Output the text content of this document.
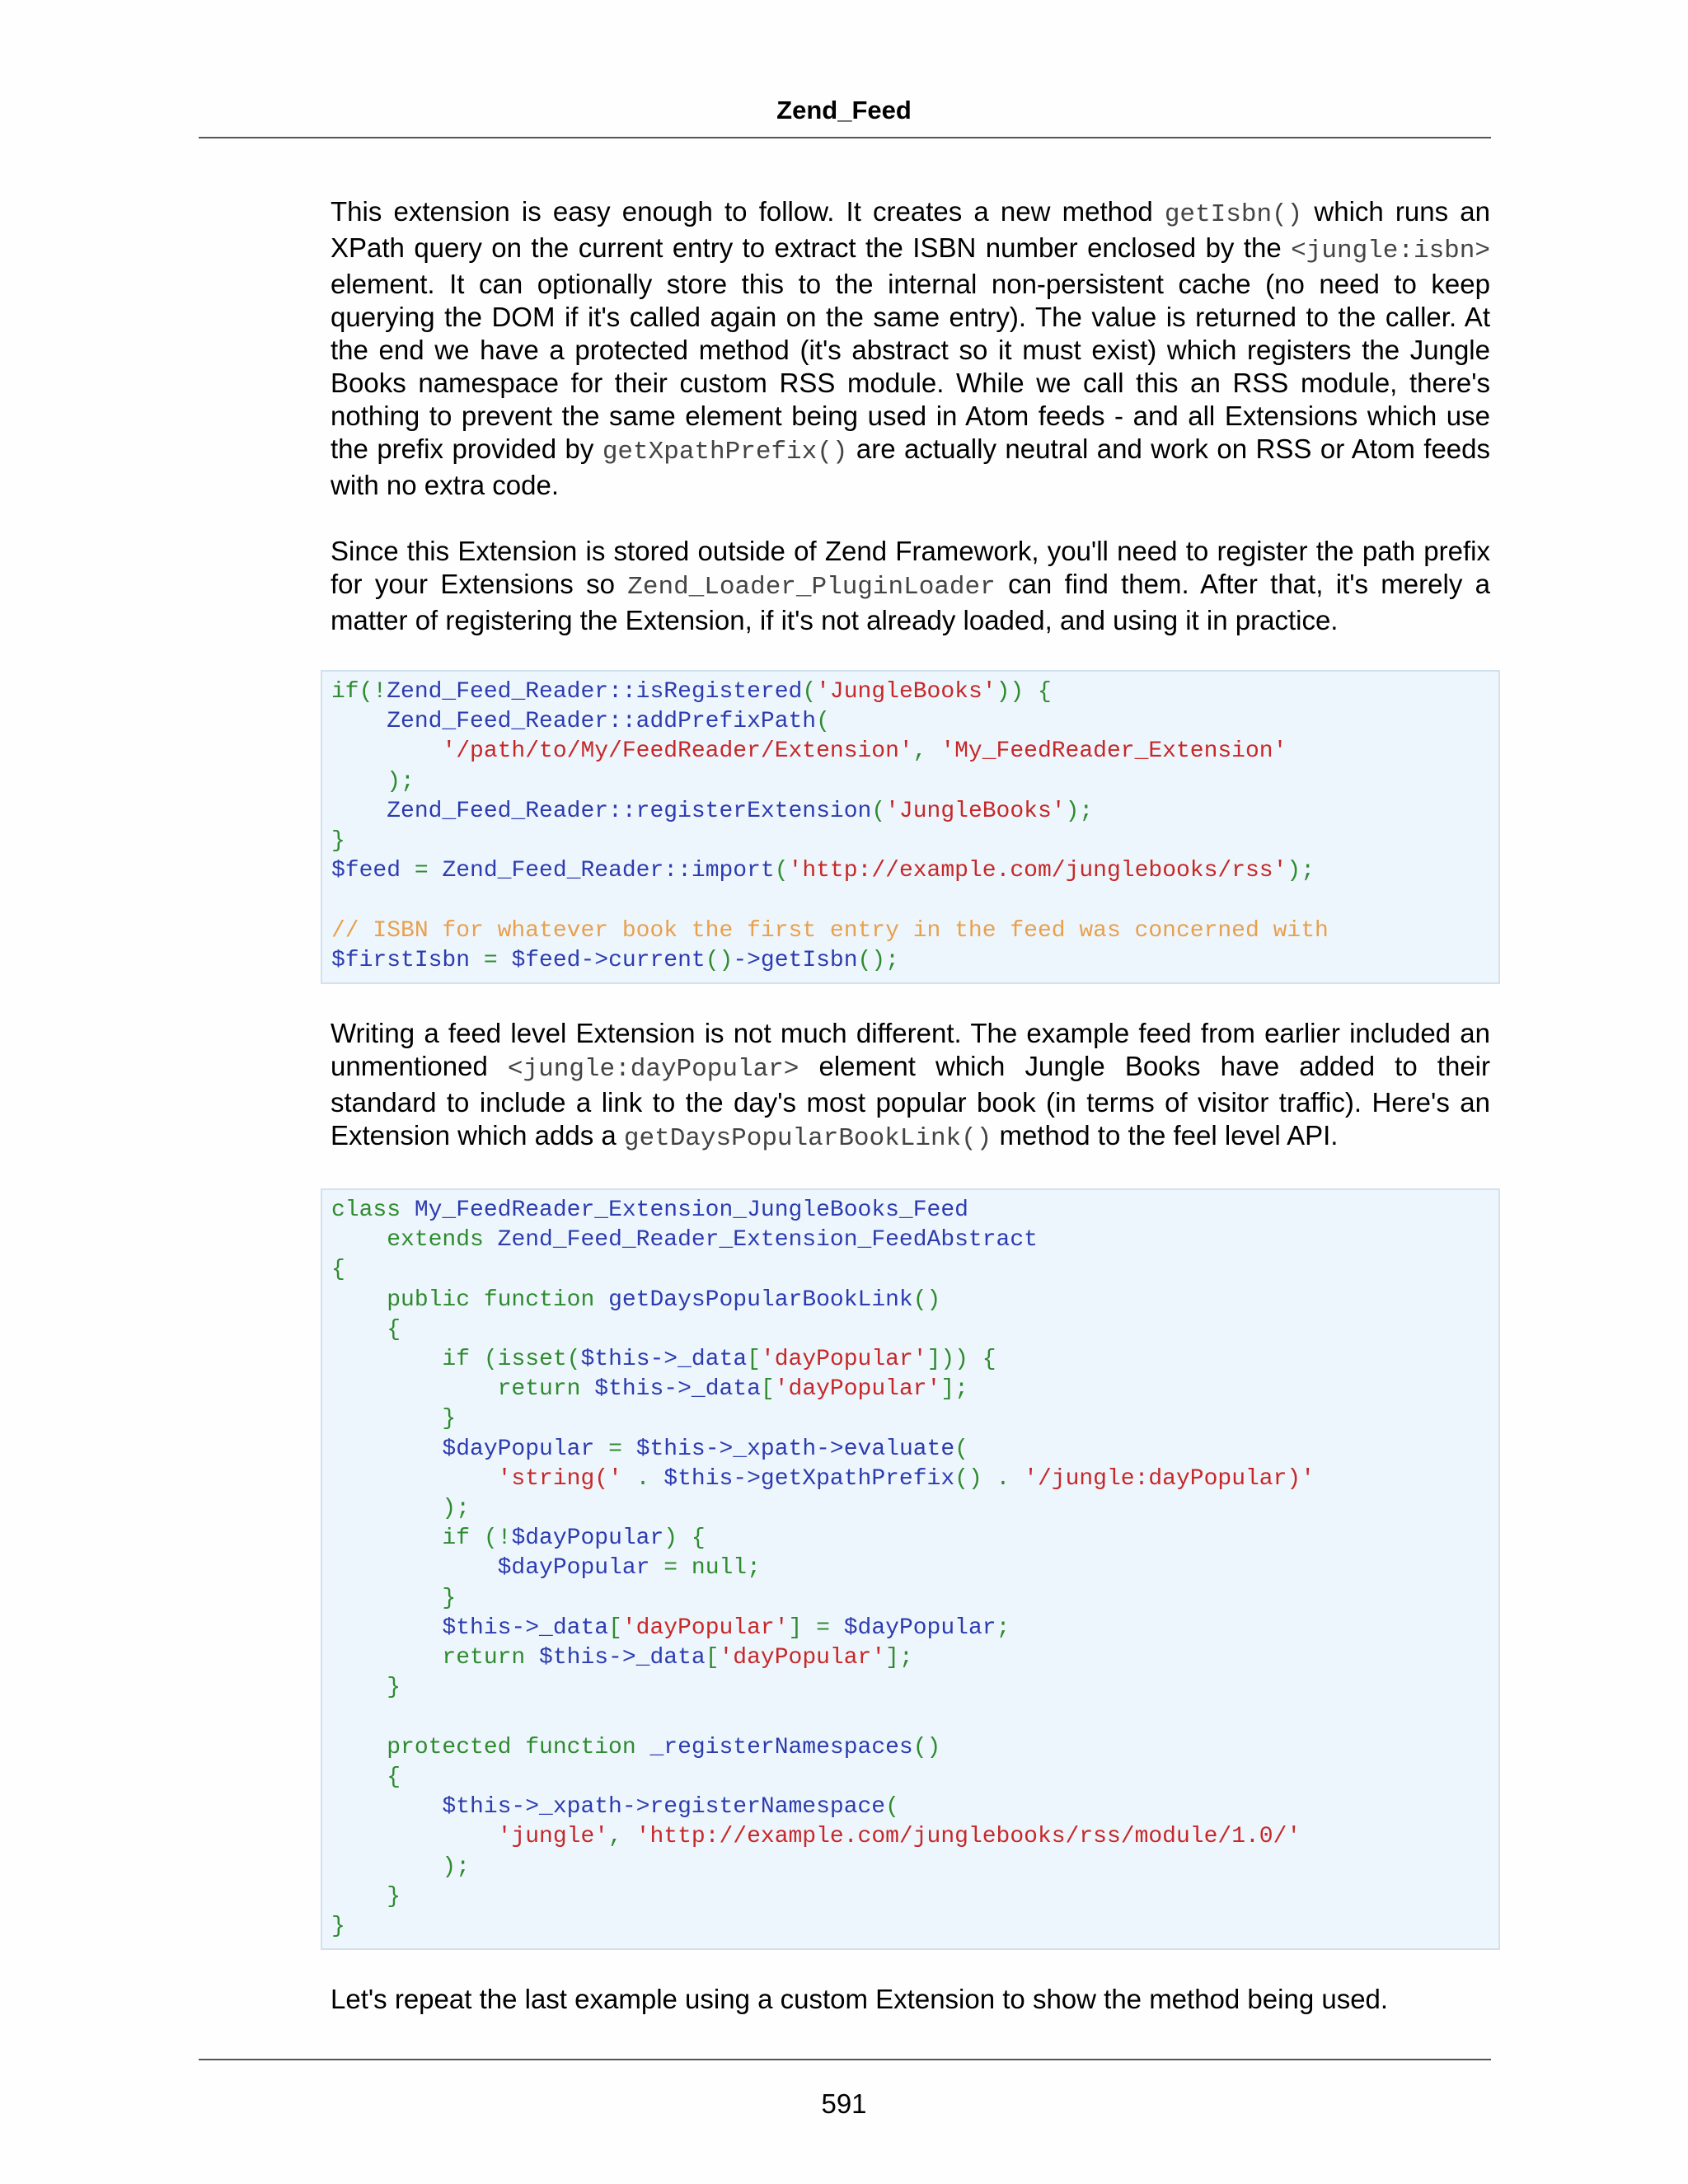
Zend_Feed

This extension is easy enough to follow. It creates a new method getIsbn() which runs an XPath query on the current entry to extract the ISBN number enclosed by the <jungle:isbn> element. It can optionally store this to the internal non-persistent cache (no need to keep querying the DOM if it's called again on the same entry). The value is returned to the caller. At the end we have a protected method (it's abstract so it must exist) which registers the Jungle Books namespace for their custom RSS module. While we call this an RSS module, there's nothing to prevent the same element being used in Atom feeds - and all Extensions which use the prefix provided by getXpathPrefix() are actually neutral and work on RSS or Atom feeds with no extra code.

Since this Extension is stored outside of Zend Framework, you'll need to register the path prefix for your Extensions so Zend_Loader_PluginLoader can find them. After that, it's merely a matter of registering the Extension, if it's not already loaded, and using it in practice.

if(!Zend_Feed_Reader::isRegistered('JungleBooks')) {
Zend_Feed_Reader::addPrefixPath(
'/path/to/My/FeedReader/Extension', 'My_FeedReader_Extension'
);
Zend_Feed_Reader::registerExtension('JungleBooks');
}
$feed = Zend_Feed_Reader::import('http://example.com/junglebooks/rss');

// ISBN for whatever book the first entry in the feed was concerned with
$firstIsbn = $feed->current()->getIsbn();

Writing a feed level Extension is not much different. The example feed from earlier included an unmentioned <jungle:dayPopular> element which Jungle Books have added to their standard to include a link to the day's most popular book (in terms of visitor traffic). Here's an Extension which adds a getDaysPopularBookLink() method to the feel level API.

class My_FeedReader_Extension_JungleBooks_Feed
extends Zend_Feed_Reader_Extension_FeedAbstract
{
public function getDaysPopularBookLink()
{
if (isset($this->_data['dayPopular'])) {
return $this->_data['dayPopular'];
}
$dayPopular = $this->_xpath->evaluate(
'string(' . $this->getXpathPrefix() . '/jungle:dayPopular)'
);
if (!$dayPopular) {
$dayPopular = null;
}
$this->_data['dayPopular'] = $dayPopular;
return $this->_data['dayPopular'];
}

protected function _registerNamespaces()
{
$this->_xpath->registerNamespace(
'jungle', 'http://example.com/junglebooks/rss/module/1.0/'
);
}
}

Let's repeat the last example using a custom Extension to show the method being used.

591
